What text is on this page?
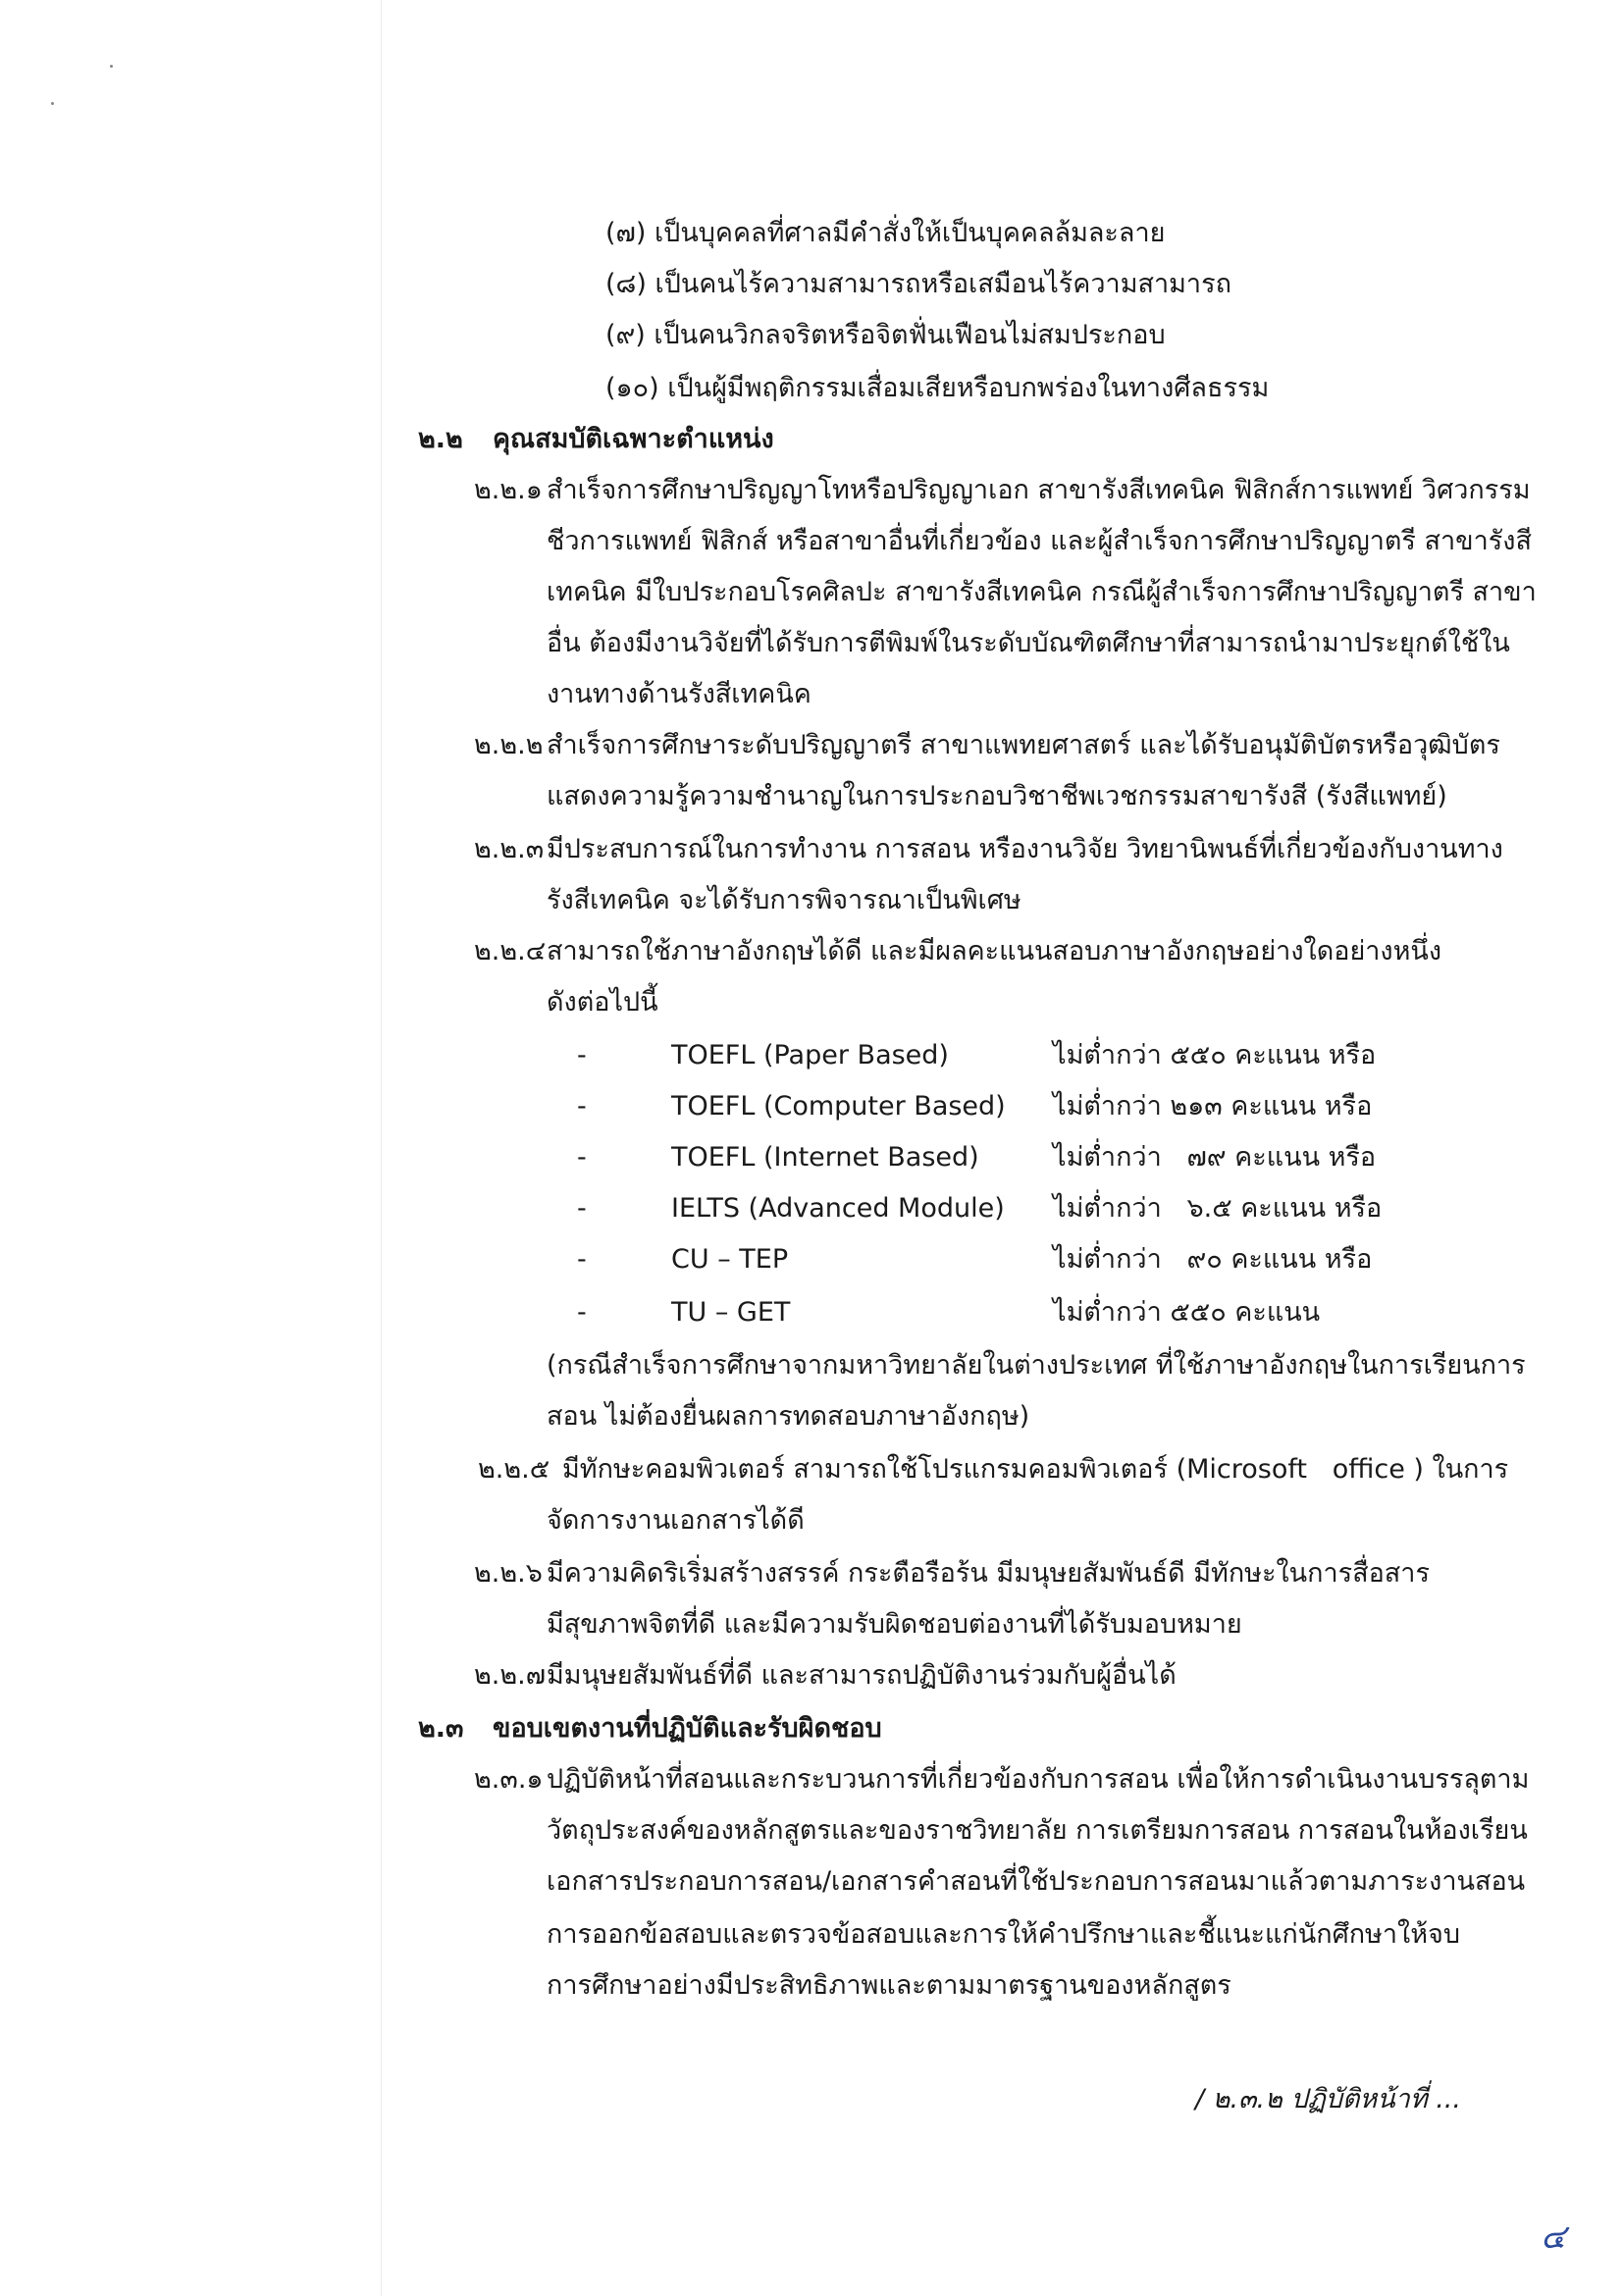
(๗) เป็นบุคคลที่ศาลมีคำสั่งให้เป็นบุคคลล้มละลาย
(๘) เป็นคนไร้ความสามารถหรือเสมือนไร้ความสามารถ
(๙) เป็นคนวิกลจริตหรือจิตฟั่นเฟือนไม่สมประกอบ
(๑๐) เป็นผู้มีพฤติกรรมเสื่อมเสียหรือบกพร่องในทางศีลธรรม
๒.๒ คุณสมบัติเฉพาะตำแหน่ง
๒.๒.๑ สำเร็จการศึกษาปริญญาโทหรือปริญญาเอก สาขารังสีเทคนิค ฟิสิกส์การแพทย์ วิศวกรรม
ชีวการแพทย์ ฟิสิกส์ หรือสาขาอื่นที่เกี่ยวข้อง และผู้สำเร็จการศึกษาปริญญาตรี สาขารังสี
เทคนิค มีใบประกอบโรคศิลปะ สาขารังสีเทคนิค กรณีผู้สำเร็จการศึกษาปริญญาตรี สาขา
อื่น ต้องมีงานวิจัยที่ได้รับการตีพิมพ์ในระดับบัณฑิตศึกษาที่สามารถนำมาประยุกต์ใช้ใน
งานทางด้านรังสีเทคนิค
๒.๒.๒ สำเร็จการศึกษาระดับปริญญาตรี สาขาแพทยศาสตร์ และได้รับอนุมัติบัตรหรือวุฒิบัตร
แสดงความรู้ความชำนาญในการประกอบวิชาชีพเวชกรรมสาขารังสี (รังสีแพทย์)
๒.๒.๓ มีประสบการณ์ในการทำงาน การสอน หรืองานวิจัย วิทยานิพนธ์ที่เกี่ยวข้องกับงานทาง
รังสีเทคนิค จะได้รับการพิจารณาเป็นพิเศษ
๒.๒.๔ สามารถใช้ภาษาอังกฤษได้ดี และมีผลคะแนนสอบภาษาอังกฤษอย่างใดอย่างหนึ่ง
ดังต่อไปนี้
-	TOEFL (Paper Based)	ไม่ต่ำกว่า ๕๕๐ คะแนน หรือ
-	TOEFL (Computer Based) ไม่ต่ำกว่า ๒๑๓ คะแนน หรือ
-	TOEFL (Internet Based)	ไม่ต่ำกว่า   ๗๙ คะแนน หรือ
-	IELTS (Advanced Module) ไม่ต่ำกว่า   ๖.๕ คะแนน หรือ
-	CU – TEP	ไม่ต่ำกว่า   ๙๐ คะแนน หรือ
-	TU – GET	ไม่ต่ำกว่า ๕๕๐ คะแนน
(กรณีสำเร็จการศึกษาจากมหาวิทยาลัยในต่างประเทศ ที่ใช้ภาษาอังกฤษในการเรียนการ
สอน ไม่ต้องยื่นผลการทดสอบภาษาอังกฤษ)
๒.๒.๕ มีทักษะคอมพิวเตอร์ สามารถใช้โปรแกรมคอมพิวเตอร์ (Microsoft   office ) ในการ
จัดการงานเอกสารได้ดี
๒.๒.๖ มีความคิดริเริ่มสร้างสรรค์ กระตือรือร้น มีมนุษยสัมพันธ์ดี มีทักษะในการสื่อสาร
มีสุขภาพจิตที่ดี และมีความรับผิดชอบต่องานที่ได้รับมอบหมาย
๒.๒.๗ มีมนุษยสัมพันธ์ที่ดี และสามารถปฏิบัติงานร่วมกับผู้อื่นได้
๒.๓ ขอบเขตงานที่ปฏิบัติและรับผิดชอบ
๒.๓.๑ ปฏิบัติหน้าที่สอนและกระบวนการที่เกี่ยวข้องกับการสอน เพื่อให้การดำเนินงานบรรลุตาม
วัตถุประสงค์ของหลักสูตรและของราชวิทยาลัย การเตรียมการสอน การสอนในห้องเรียน
เอกสารประกอบการสอน/เอกสารคำสอนที่ใช้ประกอบการสอนมาแล้วตามภาระงานสอน
การออกข้อสอบและตรวจข้อสอบและการให้คำปรึกษาและชี้แนะแก่นักศึกษาให้จบ
การศึกษาอย่างมีประสิทธิภาพและตามมาตรฐานของหลักสูตร
/ ๒.๓.๒ ปฏิบัติหน้าที่ ...
๔
